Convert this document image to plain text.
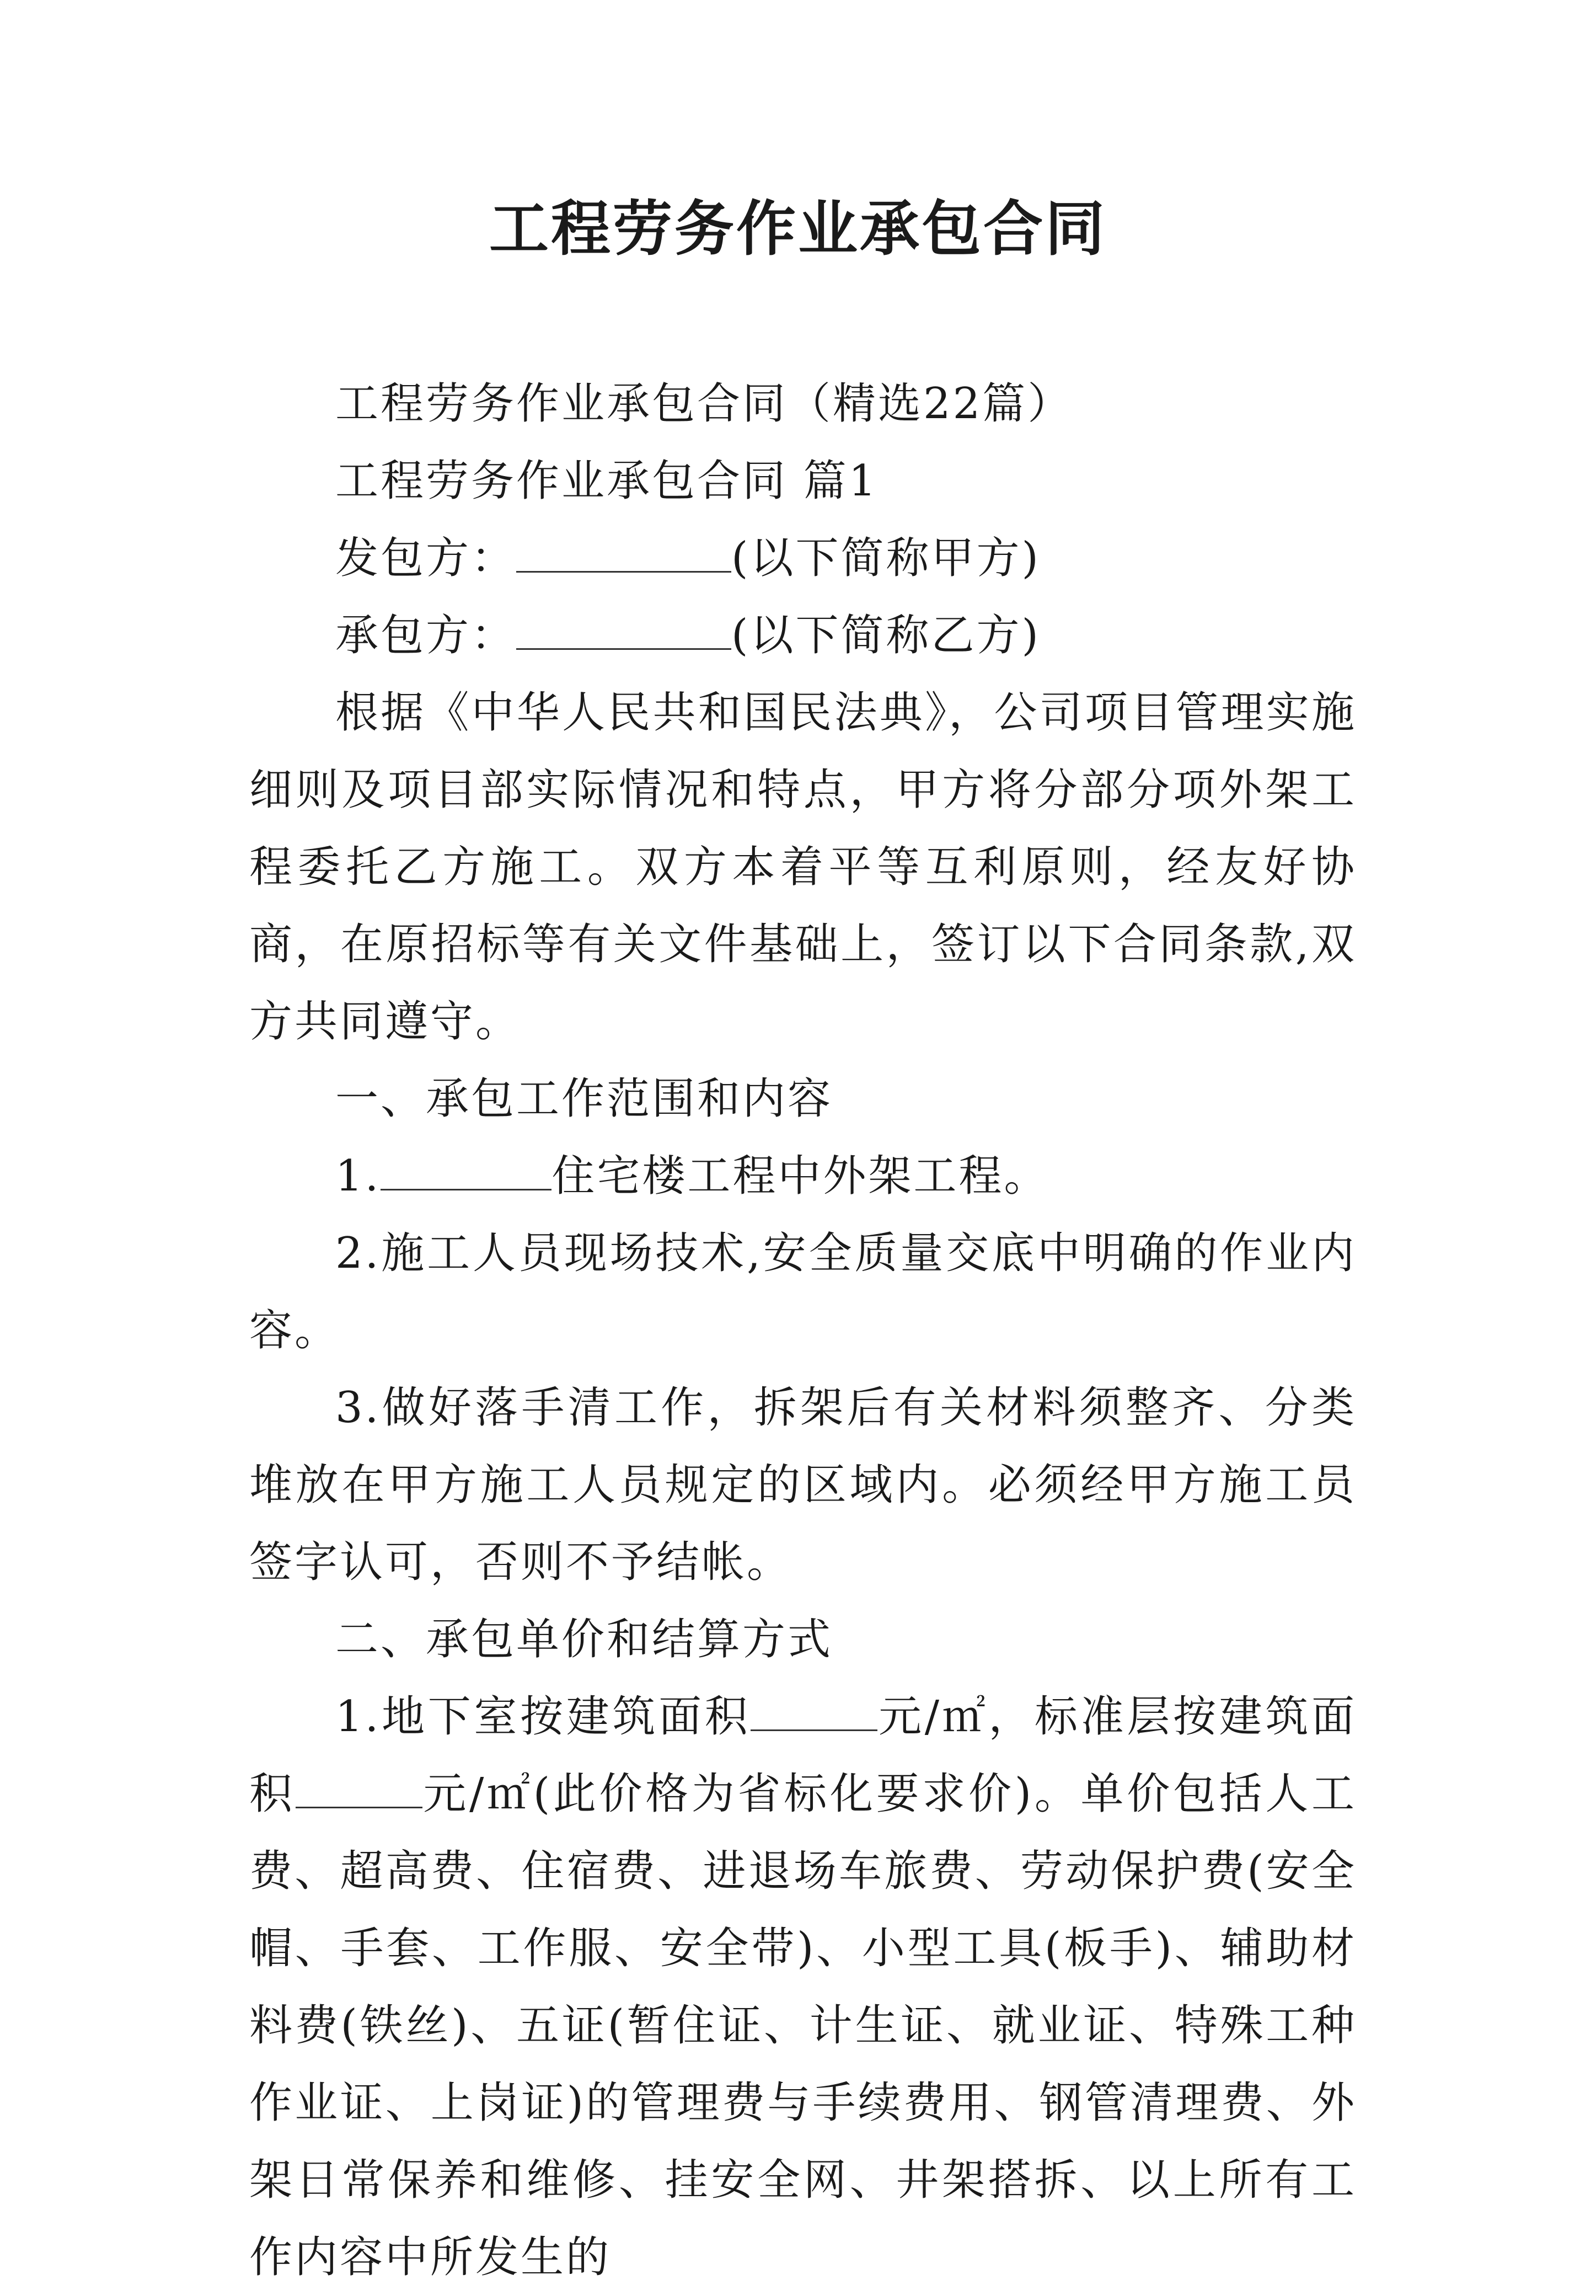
工程劳务作业承包合同

工程劳务作业承包合同（精选22篇）

工程劳务作业承包合同 篇1

发包方：	(以下简称甲方)

承包方：	(以下简称乙方)

根据《中华人民共和国民法典》，公司项目管理实施细则及项目部实际情况和特点，甲方将分部分项外架工程委托乙方施工。双方本着平等互利原则，经友好协商，在原招标等有关文件基础上，签订以下合同条款,双方共同遵守。

一、承包工作范围和内容

1.	住宅楼工程中外架工程。

2.施工人员现场技术,安全质量交底中明确的作业内容。

3.做好落手清工作，拆架后有关材料须整齐、分类堆放在甲方施工人员规定的区域内。必须经甲方施工员签字认可，否则不予结帐。

二、承包单价和结算方式

1.地下室按建筑面积	元/㎡，标准层按建筑面积	元/㎡(此价格为省标化要求价)。单价包括人工费、超高费、住宿费、进退场车旅费、劳动保护费(安全帽、手套、工作服、安全带)、小型工具(板手)、辅助材料费(铁丝)、五证(暂住证、计生证、就业证、特殊工种作业证、上岗证)的管理费与手续费用、钢管清理费、外架日常保养和维修、挂安全网、井架搭拆、以上所有工作内容中所发生的
